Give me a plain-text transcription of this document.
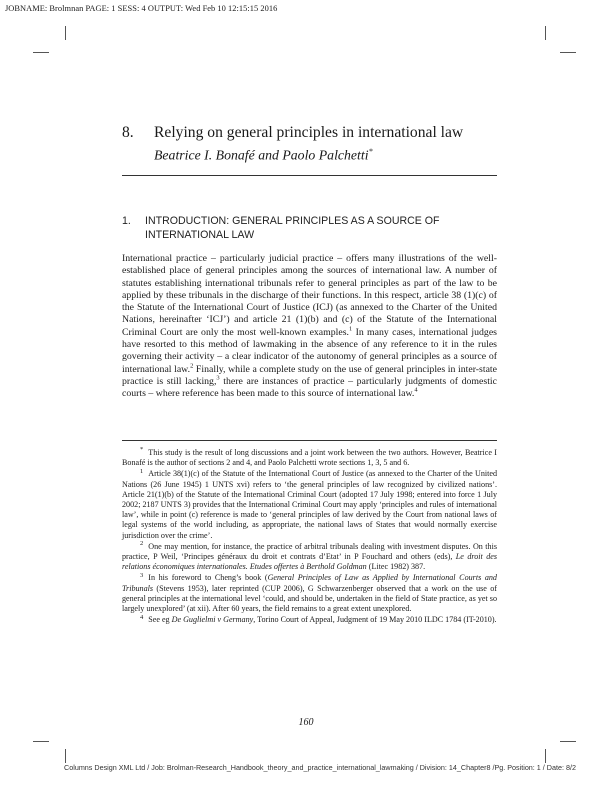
JOBNAME: Brolmnan PAGE: 1 SESS: 4 OUTPUT: Wed Feb 10 12:15:15 2016
8. Relying on general principles in international law
Beatrice I. Bonafé and Paolo Palchetti*
1. INTRODUCTION: GENERAL PRINCIPLES AS A SOURCE OF INTERNATIONAL LAW

International practice – particularly judicial practice – offers many illustrations of the well-established place of general principles among the sources of international law. A number of statutes establishing international tribunals refer to general principles as part of the law to be applied by these tribunals in the discharge of their functions. In this respect, article 38 (1)(c) of the Statute of the International Court of Justice (ICJ) (as annexed to the Charter of the United Nations, hereinafter ‘ICJ’) and article 21 (1)(b) and (c) of the Statute of the International Criminal Court are only the most well-known examples.$^1$ In many cases, international judges have resorted to this method of lawmaking in the absence of any reference to it in the rules governing their activity – a clear indicator of the autonomy of general principles as a source of international law.$^2$ Finally, while a complete study on the use of general principles in inter-state practice is still lacking,$^3$ there are instances of practice – particularly judgments of domestic courts – where reference has been made to this source of international law.$^4$

* This study is the result of long discussions and a joint work between the two authors. However, Beatrice I Bonafé is the author of sections 2 and 4, and Paolo Palchetti wrote sections 1, 3, 5 and 6.

$^1$ Article 38(1)(c) of the Statute of the International Court of Justice (as annexed to the Charter of the United Nations (26 June 1945) 1 UNTS xvi) refers to ‘the general principles of law recognized by civilized nations’. Article 21(1)(b) of the Statute of the International Criminal Court (adopted 17 July 1998; entered into force 1 July 2002; 2187 UNTS 3) provides that the International Criminal Court may apply ‘principles and rules of international law’, while in point (c) reference is made to ‘general principles of law derived by the Court from national laws of legal systems of the world including, as appropriate, the national laws of States that would normally exercise jurisdiction over the crime’.

$^2$ One may mention, for instance, the practice of arbitral tribunals dealing with investment disputes. On this practice, P Weil, ‘Principes généraux du droit et contrats d’Etat’ in P Fouchard and others (eds), Le droit des relations économiques internationales. Etudes offertes à Berthold Goldman (Litec 1982) 387.

$^3$ In his foreword to Cheng’s book (General Principles of Law as Applied by International Courts and Tribunals (Stevens 1953), later reprinted (CUP 2006), G Schwarzenberger observed that a work on the use of general principles at the international level ‘could, and should be, undertaken in the field of State practice, as yet so largely unexplored’ (at xii). After 60 years, the field remains to a great extent unexplored.

$^4$ See eg De Guglielmi v Germany, Torino Court of Appeal, Judgment of 19 May 2010 ILDC 1784 (IT-2010).

160
Columns Design XML Ltd / Job: Brolman-Research_Handbook_theory_and_practice_international_lawmaking / Division: 14_Chapter8 /Pg. Position: 1 / Date: 8/2
